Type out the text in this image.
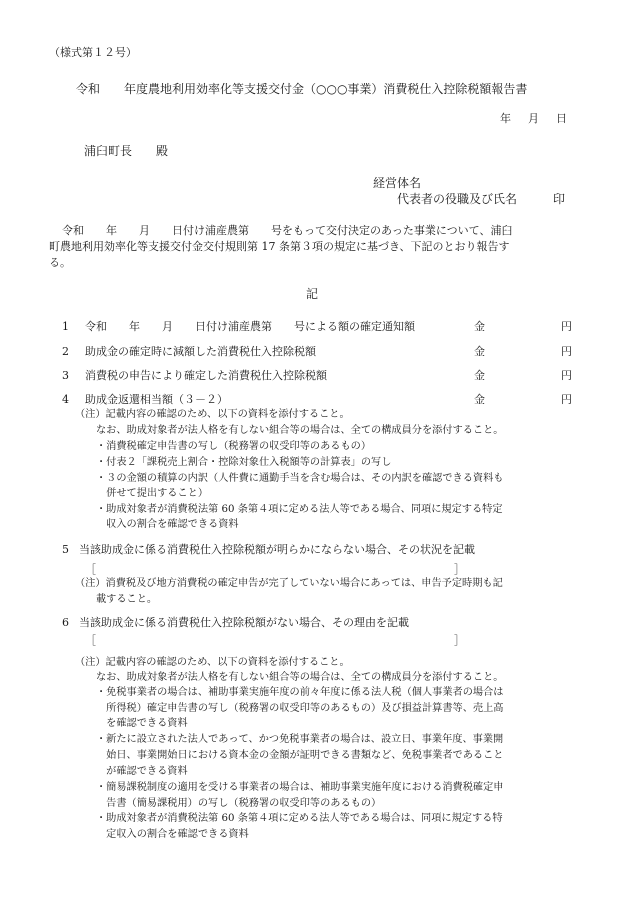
（様式第１２号）
令和　　年度農地利用効率化等支援交付金（○○○事業）消費税仕入控除税額報告書
年　月　日
浦臼町長　　殿
経営体名
代表者の役職及び氏名	印
令和　　年　　月　　日付け浦産農第　　号をもって交付決定のあった事業について、浦臼
町農地利用効率化等支援交付金交付規則第 17 条第３項の規定に基づき、下記のとおり報告す
る。
記
1 令和　　年　　月　　日付け浦産農第　　号による額の確定通知額	金	円
2 助成金の確定時に減額した消費税仕入控除税額	金	円
3 消費税の申告により確定した消費税仕入控除税額	金	円
4 助成金返還相当額（３－２）	金	円
（注）記載内容の確認のため、以下の資料を添付すること。
なお、助成対象者が法人格を有しない組合等の場合は、全ての構成員分を添付すること。
・消費税確定申告書の写し（税務署の収受印等のあるもの）
・付表２「課税売上割合・控除対象仕入税額等の計算表」の写し
・３の金額の積算の内訳（人件費に通勤手当を含む場合は、その内訳を確認できる資料も
　併せて提出すること）
・助成対象者が消費税法第 60 条第４項に定める法人等である場合、同項に規定する特定
　収入の割合を確認できる資料
5 当該助成金に係る消費税仕入控除税額が明らかにならない場合、その状況を記載
［	］
（注）消費税及び地方消費税の確定申告が完了していない場合にあっては、申告予定時期も記
載すること。
6 当該助成金に係る消費税仕入控除税額がない場合、その理由を記載
［	］
（注）記載内容の確認のため、以下の資料を添付すること。
なお、助成対象者が法人格を有しない組合等の場合は、全ての構成員分を添付すること。
・免税事業者の場合は、補助事業実施年度の前々年度に係る法人税（個人事業者の場合は
　所得税）確定申告書の写し（税務署の収受印等のあるもの）及び損益計算書等、売上高
　を確認できる資料
・新たに設立された法人であって、かつ免税事業者の場合は、設立日、事業年度、事業開
　始日、事業開始日における資本金の金額が証明できる書類など、免税事業者であること
　が確認できる資料
・簡易課税制度の適用を受ける事業者の場合は、補助事業実施年度における消費税確定申
　告書（簡易課税用）の写し（税務署の収受印等のあるもの）
・助成対象者が消費税法第 60 条第４項に定める法人等である場合は、同項に規定する特
　定収入の割合を確認できる資料
